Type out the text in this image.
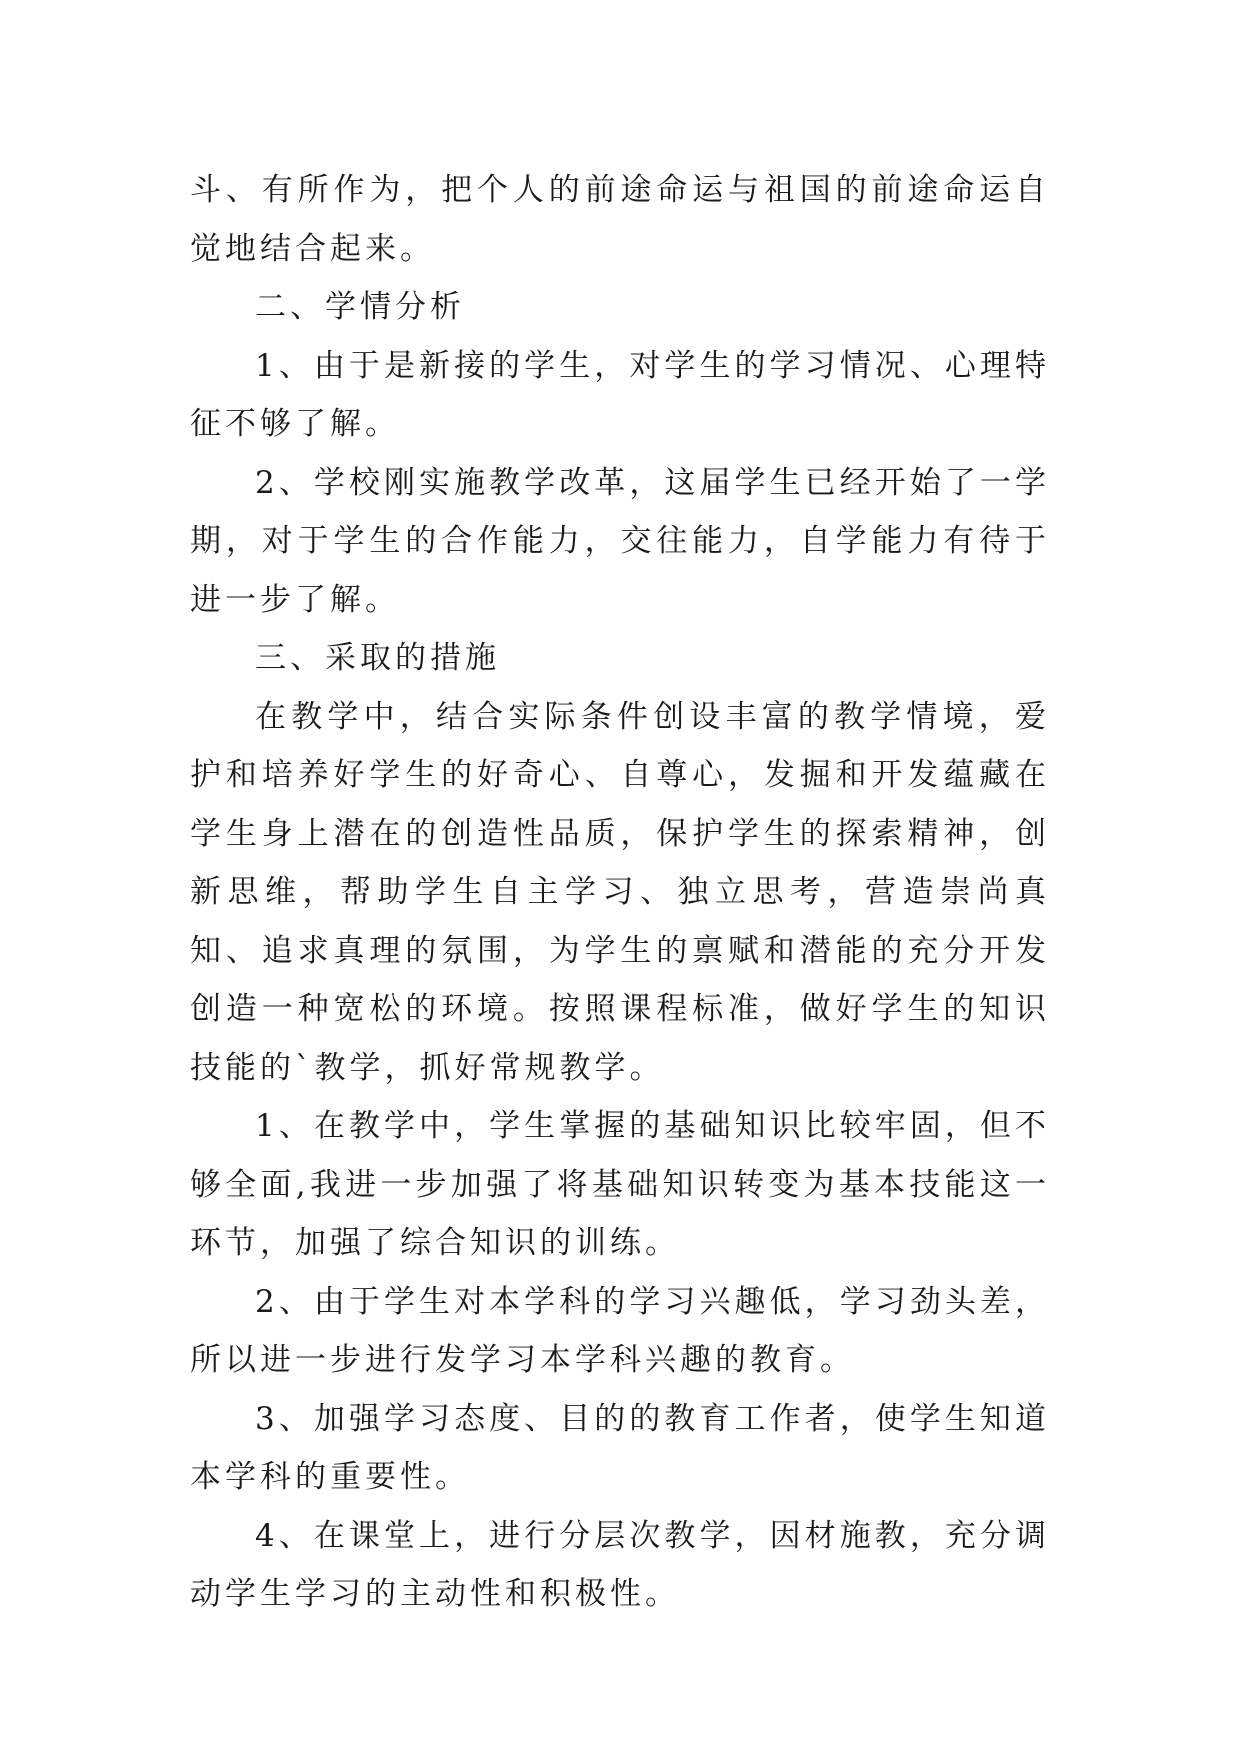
斗、有所作为，把个人的前途命运与祖国的前途命运自觉地结合起来。

二、学情分析

1、由于是新接的学生，对学生的学习情况、心理特征不够了解。

2、学校刚实施教学改革，这届学生已经开始了一学期，对于学生的合作能力，交往能力，自学能力有待于进一步了解。

三、采取的措施

在教学中，结合实际条件创设丰富的教学情境，爱护和培养好学生的好奇心、自尊心，发掘和开发蕴藏在学生身上潜在的创造性品质，保护学生的探索精神，创新思维，帮助学生自主学习、独立思考，营造崇尚真知、追求真理的氛围，为学生的禀赋和潜能的充分开发创造一种宽松的环境。按照课程标准，做好学生的知识技能的`教学，抓好常规教学。

1、在教学中，学生掌握的基础知识比较牢固，但不够全面,我进一步加强了将基础知识转变为基本技能这一环节，加强了综合知识的训练。

2、由于学生对本学科的学习兴趣低，学习劲头差，所以进一步进行发学习本学科兴趣的教育。

3、加强学习态度、目的的教育工作者，使学生知道本学科的重要性。

4、在课堂上，进行分层次教学，因材施教，充分调动学生学习的主动性和积极性。
